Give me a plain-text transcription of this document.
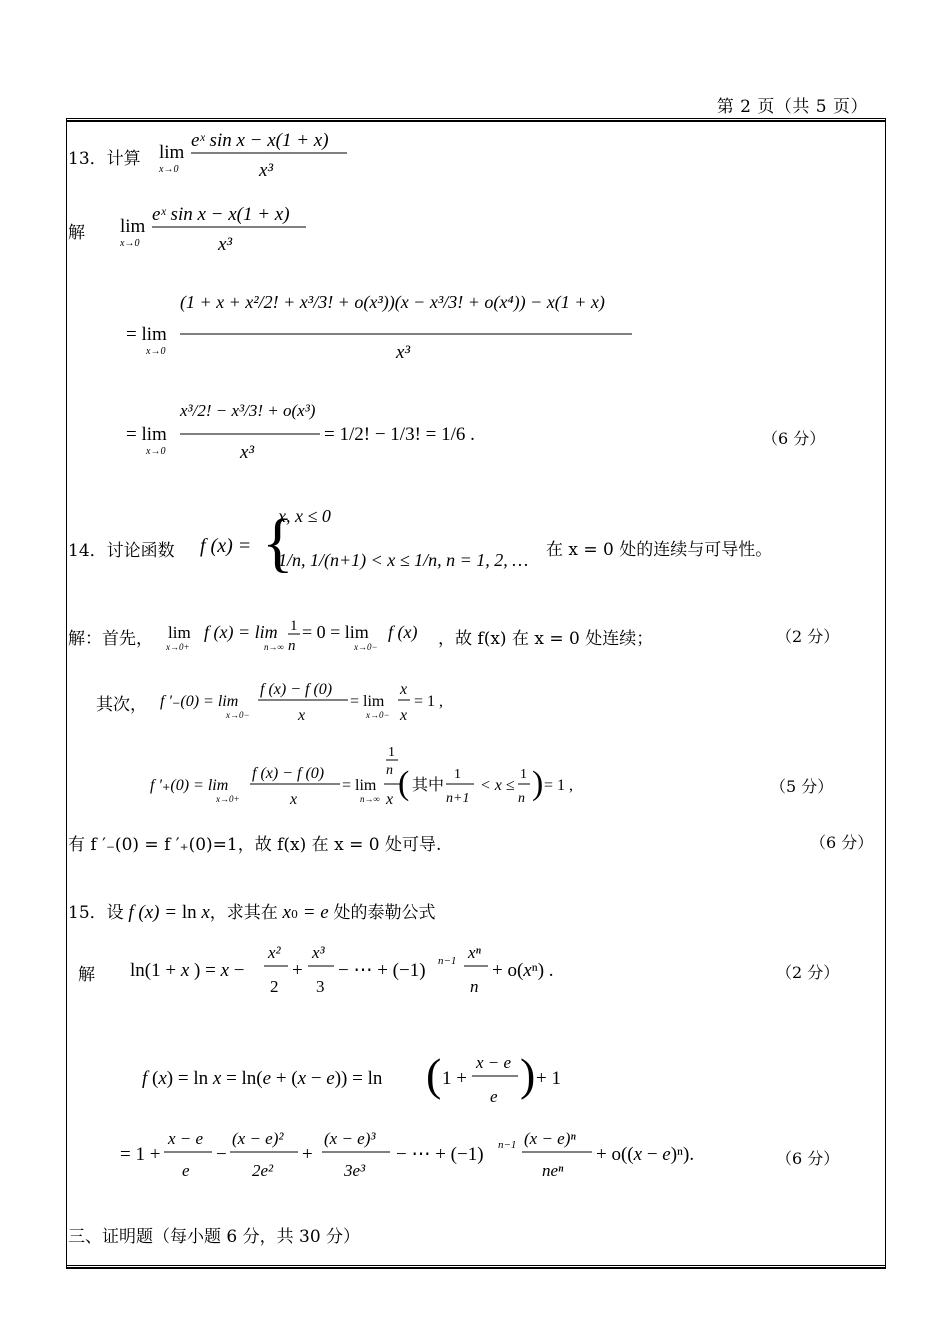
第 2 页（共 5 页）
13．计算 lim
x→0
eˣ sin x − x(1 + x)
x³
解 lim
x→0
eˣ sin x − x(1 + x)
x³
= lim
x→0
(1 + x + x²/2! + x³/3! + o(x³))(x − x³/3! + o(x⁴)) − x(1 + x)
x³
= lim
x→0
x³/2! − x³/3! + o(x³)
x³
= 1/2! − 1/3! = 1/6 .	（6 分）
14．讨论函数 f (x) = {
x, x ≤ 0
1/n, 1/(n+1) < x ≤ 1/n, n = 1, 2, … 在 x = 0 处的连续与可导性。
解：首先， lim
x→0+
f (x) = lim
n→∞
1
n
= 0 = lim
x→0−
f (x) ，故 f(x) 在 x = 0 处连续；	（2 分）
其次， f ′₋(0) = lim
x→0−
f (x) − f (0)
x
= lim
x→0−
x
x
= 1 ,
f ′₊(0) = lim
x→0+
f (x) − f (0)
x
= lim
n→∞
1
n
x ( 其中
1
n+1
< x ≤
1
n ) = 1 ,	（5 分）
有 f ′₋(0) = f ′₊(0)=1，故 f(x) 在 x = 0 处可导.	（6 分）
15．设 f (x) = ln x，求其在 x0 = e 处的泰勒公式
解 ln(1 + x ) = x −
x²
2
+
x³
3
− ⋯ + (−1) n−1 xⁿ
n
+ o(xⁿ) .	（2 分）
f (x) = ln x = ln(e + (x − e)) = ln ( 1 +
x − e
e ) + 1
= 1 +
x − e
e
−
(x − e)²
2e²
+
(x − e)³
3e³
− ⋯ + (−1) n−1 (x − e)ⁿ
neⁿ
+ o((x − e)ⁿ).	（6 分）
三、证明题（每小题 6 分，共 30 分）
